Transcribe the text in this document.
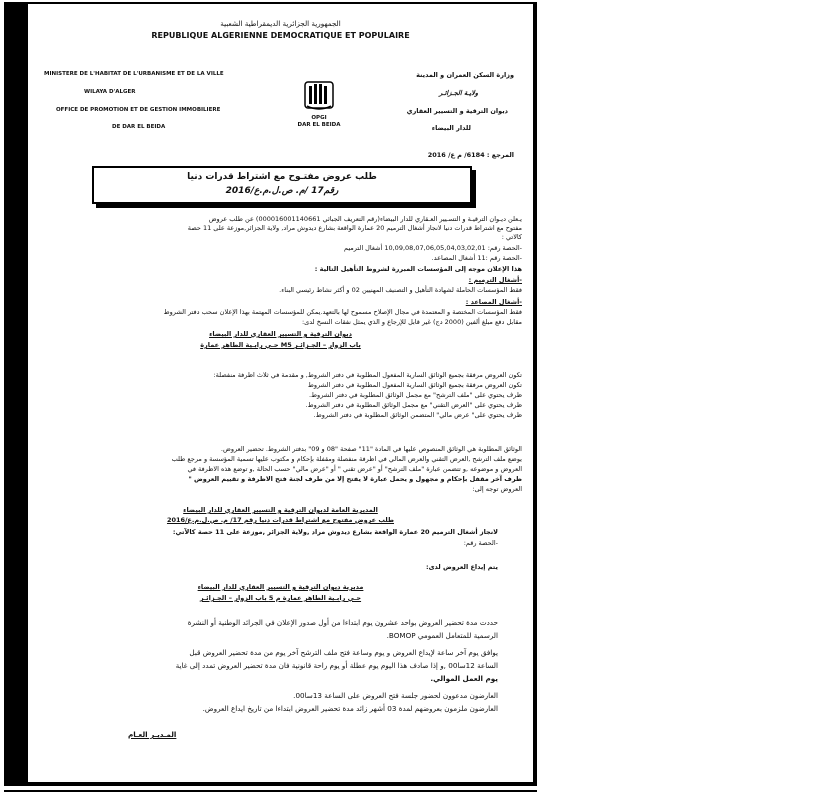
الجمهورية الجزائرية الديمقراطية الشعبية
REPUBLIQUE ALGERIENNE DEMOCRATIQUE ET POPULAIRE
MINISTERE DE L'HABITAT DE L'URBANISME ET DE LA VILLE
WILAYA D'ALGER
OFFICE DE PROMOTION ET DE GESTION IMMOBILIERE
DE DAR EL BEIDA
وزارة السكن العمران و المدينة
ولايـة الجـزائـر
ديوان الترقية و التسيير العقاري
للدار البيضاء
OPGI
DAR EL BEIDA
المرجع : 6184/ م ع/ 2016
طلب عروض مفتـوح مع اشتراط قدرات دنيا
رقم17 /م. ص.ل.م.ع/2016
يـعلن ديـوان الترقيـة و التسـيير العـقاري للدار البيضاء(رقم التعريف الجبائي 000016001140661) عن طلب عروض
مفتوح مع اشتراط قدرات دنيا لانجاز أشغال الترميم 20 عمارة الواقعة بشارع ديدوش مراد, ولاية الجزائر,موزعة على 11 حصة
كالاتي :
-الحصة رقم: 10,09,08,07,06,05,04,03,02,01 أشغال الترميم
-الحصة رقم :11 أشغال المصاعد.
هذا الإعلان موجه إلى المؤسسات المبررة لشروط التأهيل التالية :
-أشغال الترميم :
فقط المؤسسات الحاملة لشهادة التأهيل و التصنيف المهنيين 02 و أكثر نشاط رئيسي البناء.
-أشغال المصاعد :
فقط المؤسسات المختصة و المعتمدة في مجال الإصلاح مسموح لها بالتعهد.يمكن للمؤسسات المهتمة بهذا الإعلان سحب دفتر الشروط
مقابل دفع مبلغ ألفين (2000 دج) غير قابل للإرجاع و الذي يمثل نفقات النسخ لدى:
ديوان الترقية و التسيير العقاري للدار البيضاء
حـي رابـية الطاهر عمارة M5 باب الزوار – الجـزائـر
تكون العروض مرفقة بجميع الوثائق السارية المفعول المطلوبة في دفتر الشروط, و مقدمة في ثلاث اظرفة منفصلة:
تكون العروض مرفقة بجميع الوثائق السارية المفعول المطلوبة في دفتر الشروط
ظرف يحتوي على "ملف الترشح" مع مجمل الوثائق المطلوبة في دفتر الشروط.
ظرف يحتوي على "العرض التقني" مع مجمل الوثائق المطلوبة في دفتر الشروط.
ظرف يحتوي على" عرض مالي" المتضمن الوثائق المطلوبة في دفتر الشروط.
الوثائق المطلوبة هي الوثائق المنصوص عليها في المادة "11" صفحة "08 و 09" بدفتر الشروط. تحضير العروض.
يوضع ملف الترشح ,العرض التقني والعرض المالي في اظرفة منفصلة ومقفلة بإحكام و مكتوب عليها تسمية المؤسسة و مرجع طلب
العروض و موضوعه ,و تتضمن عبارة "ملف الترشح" أو "عرض تقني " أو "عرض مالي" حسب الحالة ,و توضع هذه الاظرفة في
ظرف آخر مقفل بإحكام و مجهول و يحمل عبارة لا يفتح إلا من طرف لجنة فتح الاظرفة و تقييم العروض "
العروض توجه إلى:
المديرية العامة لديوان الترقية و التسيير العقاري للدار البيضاء
طلب عروض مفتوح مع اشتراط قدرات دنيا رقم 17/ م. ص.ل.م.ع/2016
لانجاز أشغال الترميم 20 عمارة الواقعة بشارع ديدوش مراد ,ولاية الجزائر ,موزعة على 11 حصة كالآتي:
-الحصة رقم:
يتم إيداع العروض لدى:
مديرية ديوان الترقية و التسيير العقاري للدار البيضاء
حـي رابـية الطاهر عمارة م 5 باب الزوار – الجـزائـر
حددت مدة تحضير العروض بواحد عشرون يوم ابتداءا من أول صدور الإعلان في الجرائد الوطنية أو النشرة
الرسمية للمتعامل العمومي BOMOP.
يوافق يوم آخر ساعة لإيداع العروض و يوم وساعة فتح ملف الترشح آخر يوم من مدة تحضير العروض قبل
الساعة 12سا00 ,و إذا صادف هذا اليوم يوم عطلة أو يوم راحة قانونية فان مدة تحضير العروض تمدد إلى غاية
يوم العمل الموالي.
العارضون مدعوون لحضور جلسة فتح العروض على الساعة 13سا00.
العارضون ملزمون بعروضهم لمدة 03 أشهر زائد مدة تحضير العروض ابتداءا من تاريخ ايداع العروض.
المـديـر العـام
